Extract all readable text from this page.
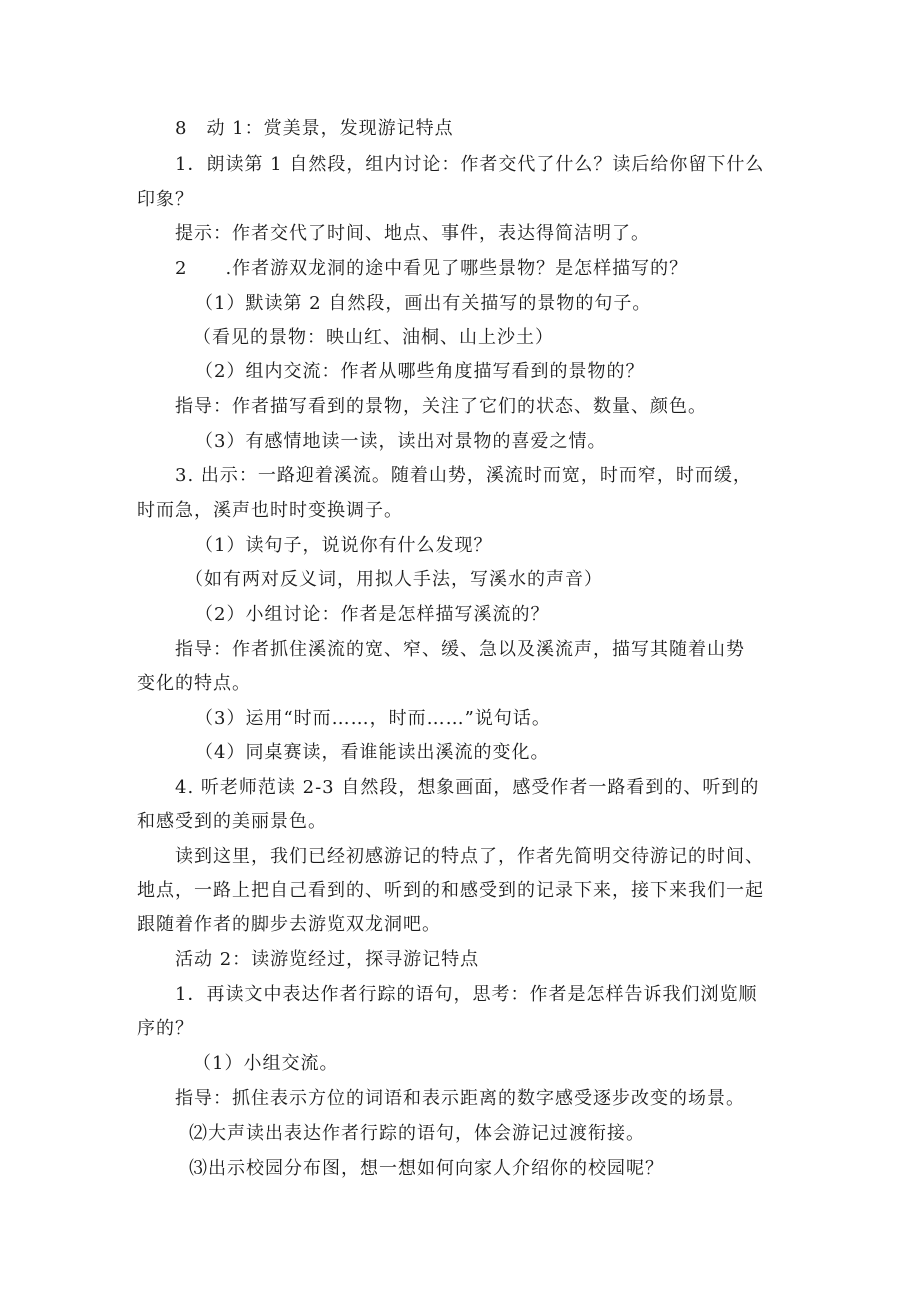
8　动 1：赏美景，发现游记特点
1．朗读第 1 自然段，组内讨论：作者交代了什么？读后给你留下什么
印象？
提示：作者交代了时间、地点、事件，表达得简洁明了。
2　　.作者游双龙洞的途中看见了哪些景物？是怎样描写的？
（1）默读第 2 自然段，画出有关描写的景物的句子。
（看见的景物：映山红、油桐、山上沙土）
（2）组内交流：作者从哪些角度描写看到的景物的？
指导：作者描写看到的景物，关注了它们的状态、数量、颜色。
（3）有感情地读一读，读出对景物的喜爱之情。
3. 出示：一路迎着溪流。随着山势，溪流时而宽，时而窄，时而缓，
时而急，溪声也时时变换调子。
（1）读句子，说说你有什么发现？
（如有两对反义词，用拟人手法，写溪水的声音）
（2）小组讨论：作者是怎样描写溪流的？
指导：作者抓住溪流的宽、窄、缓、急以及溪流声，描写其随着山势
变化的特点。
（3）运用“时而……，时而……”说句话。
（4）同桌赛读，看谁能读出溪流的变化。
4. 听老师范读 2-3 自然段，想象画面，感受作者一路看到的、听到的
和感受到的美丽景色。
读到这里，我们已经初感游记的特点了，作者先简明交待游记的时间、
地点，一路上把自己看到的、听到的和感受到的记录下来，接下来我们一起
跟随着作者的脚步去游览双龙洞吧。
活动 2：读游览经过，探寻游记特点
1．再读文中表达作者行踪的语句，思考：作者是怎样告诉我们浏览顺
序的？
（1）小组交流。
指导：抓住表示方位的词语和表示距离的数字感受逐步改变的场景。
⑵大声读出表达作者行踪的语句，体会游记过渡衔接。
⑶出示校园分布图，想一想如何向家人介绍你的校园呢？
